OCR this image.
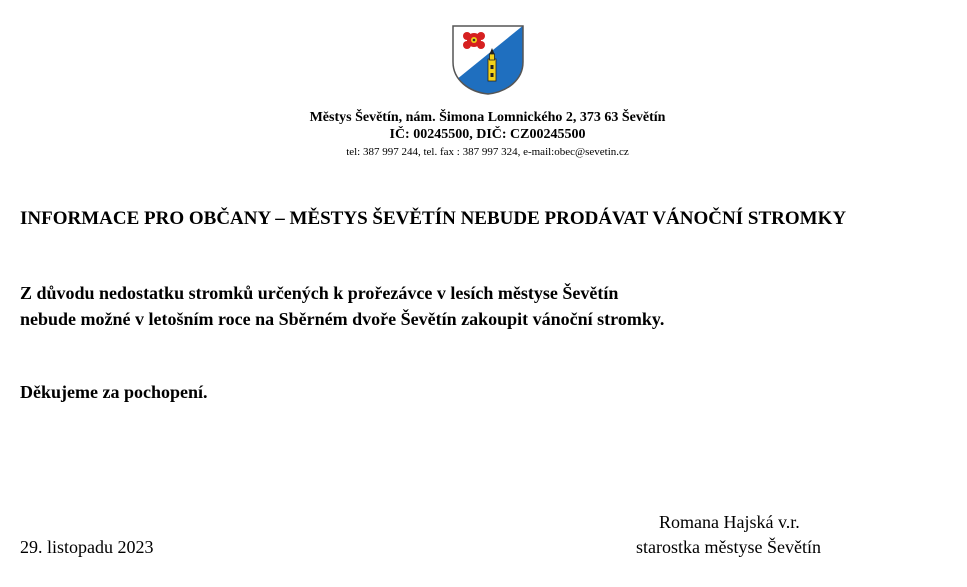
Městys Ševětín, nám. Šimona Lomnického 2, 373 63 Ševětín
IČ: 00245500, DIČ: CZ00245500
tel: 387 997 244, tel. fax : 387 997 324, e-mail:obec@sevetin.cz
INFORMACE PRO OBČANY – MĚSTYS ŠEVĚTÍN NEBUDE PRODÁVAT VÁNOČNÍ STROMKY
Z důvodu nedostatku stromků určených k prořezávce v lesích městyse Ševětín
nebude možné v letošním roce na Sběrném dvoře Ševětín zakoupit vánoční stromky.
Děkujeme za pochopení.
29. listopadu 2023
Romana Hajská v.r.
starostka městyse Ševětín
